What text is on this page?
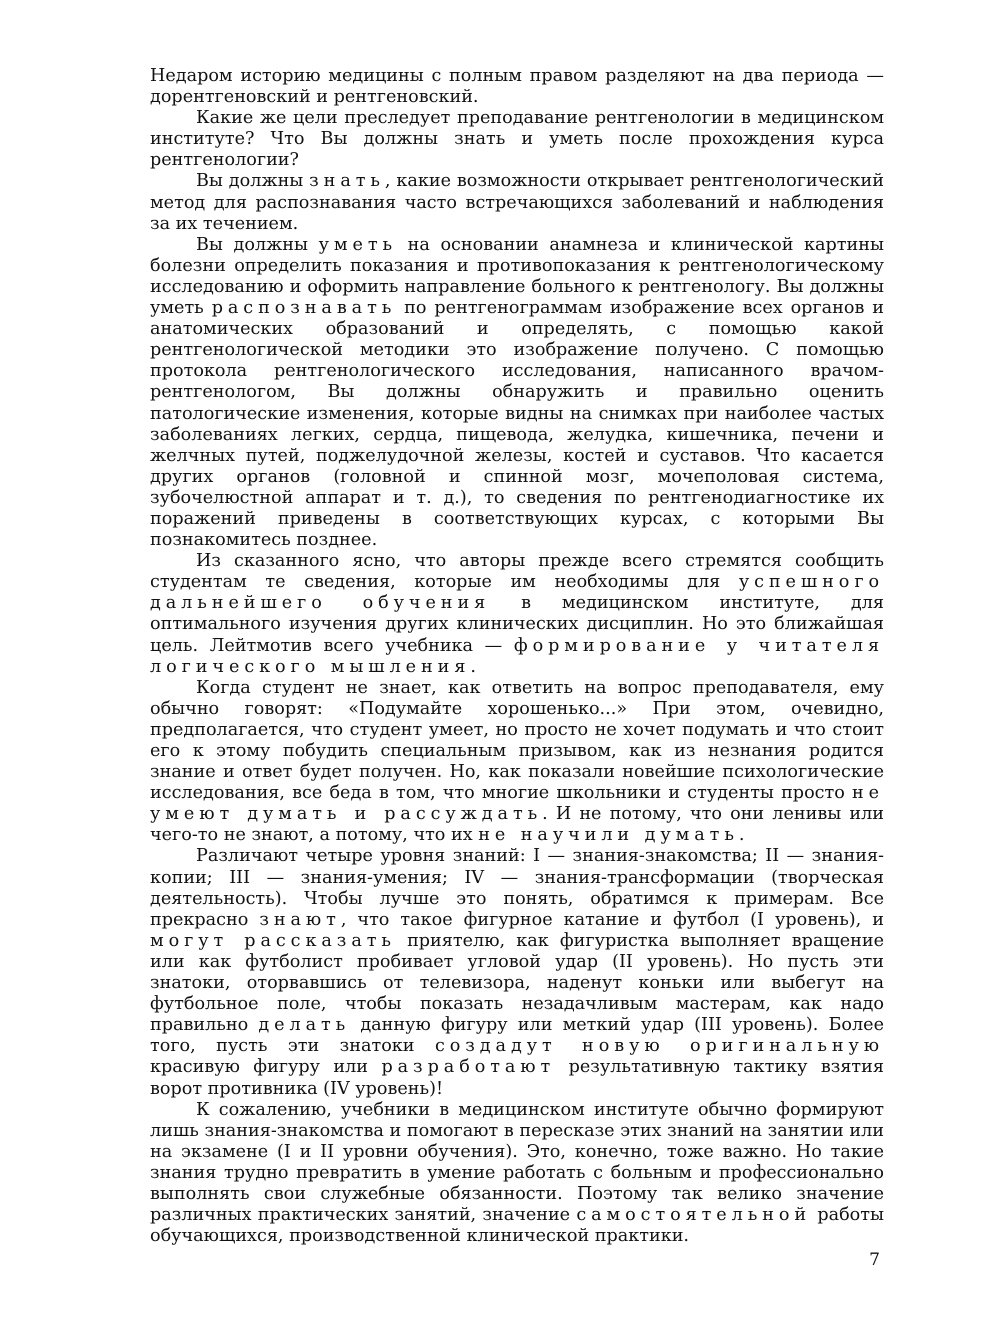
Недаром историю медицины с полным правом разделяют на два периода — дорентгеновский и рентгеновский.

Какие же цели преследует преподавание рентгенологии в медицинском институте? Что Вы должны знать и уметь после прохождения курса рентгенологии?

Вы должны знать, какие возможности открывает рентгенологический метод для распознавания часто встречающихся заболеваний и наблюдения за их течением.

Вы должны уметь на основании анамнеза и клинической картины болезни определить показания и противопоказания к рентгенологическому исследованию и оформить направление больного к рентгенологу. Вы должны уметь распознавать по рентгенограммам изображение всех органов и анатомических образований и определять, с помощью какой рентгенологической методики это изображение получено. С помощью протокола рентгенологического исследования, написанного врачом-рентгенологом, Вы должны обнаружить и правильно оценить патологические изменения, которые видны на снимках при наиболее частых заболеваниях легких, сердца, пищевода, желудка, кишечника, печени и желчных путей, поджелудочной железы, костей и суставов. Что касается других органов (головной и спинной мозг, мочеполовая система, зубочелюстной аппарат и т. д.), то сведения по рентгенодиагностике их поражений приведены в соответствующих курсах, с которыми Вы познакомитесь позднее.

Из сказанного ясно, что авторы прежде всего стремятся сообщить студентам те сведения, которые им необходимы для успешного дальнейшего обучения в медицинском институте, для оптимального изучения других клинических дисциплин. Но это ближайшая цель. Лейтмотив всего учебника — формирование у читателя логического мышления.

Когда студент не знает, как ответить на вопрос преподавателя, ему обычно говорят: «Подумайте хорошенько...» При этом, очевидно, предполагается, что студент умеет, но просто не хочет подумать и что стоит его к этому побудить специальным призывом, как из незнания родится знание и ответ будет получен. Но, как показали новейшие психологические исследования, все беда в том, что многие школьники и студенты просто не умеют думать и рассуждать. И не потому, что они ленивы или чего-то не знают, а потому, что их не научили думать.

Различают четыре уровня знаний: I — знания-знакомства; II — знания-копии; III — знания-умения; IV — знания-трансформации (творческая деятельность). Чтобы лучше это понять, обратимся к примерам. Все прекрасно знают, что такое фигурное катание и футбол (I уровень), и могут рассказать приятелю, как фигуристка выполняет вращение или как футболист пробивает угловой удар (II уровень). Но пусть эти знатоки, оторвавшись от телевизора, наденут коньки или выбегут на футбольное поле, чтобы показать незадачливым мастерам, как надо правильно делать данную фигуру или меткий удар (III уровень). Более того, пусть эти знатоки создадут новую оригинальную красивую фигуру или разработают результативную тактику взятия ворот противника (IV уровень)!

К сожалению, учебники в медицинском институте обычно формируют лишь знания-знакомства и помогают в пересказе этих знаний на занятии или на экзамене (I и II уровни обучения). Это, конечно, тоже важно. Но такие знания трудно превратить в умение работать с больным и профессионально выполнять свои служебные обязанности. Поэтому так велико значение различных практических занятий, значение самостоятельной работы обучающихся, производственной клинической практики.

7
